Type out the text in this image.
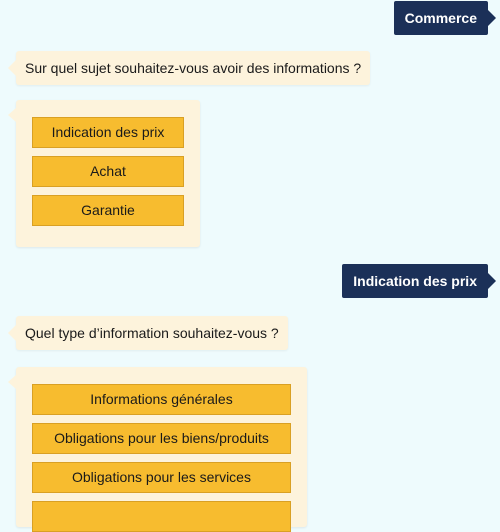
Commerce
Sur quel sujet souhaitez-vous avoir des informations ?
Indication des prix
Achat
Garantie
Indication des prix
Quel type d’information souhaitez-vous ?
Informations générales
Obligations pour les biens/produits
Obligations pour les services
